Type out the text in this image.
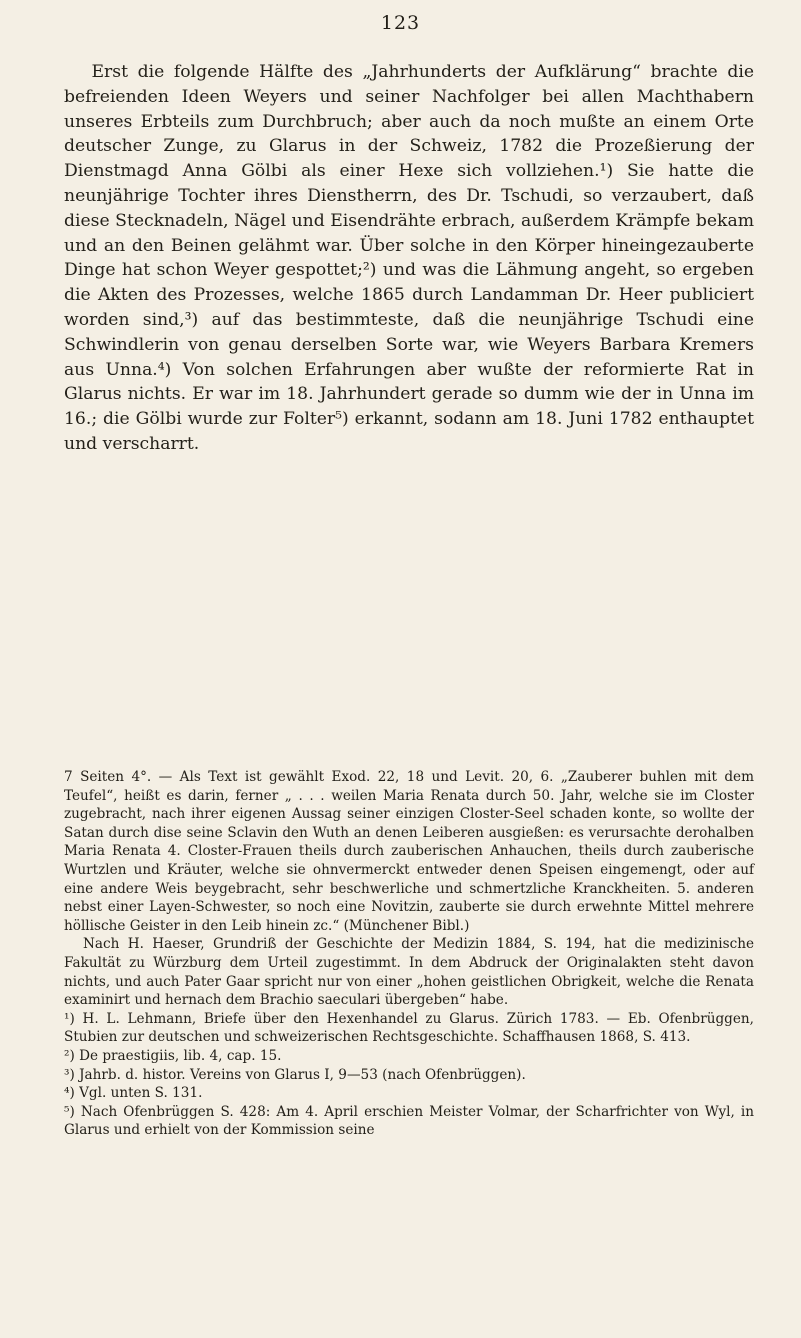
123

Erst die folgende Hälfte des „Jahrhunderts der Aufklärung“ brachte die befreienden Ideen Weyers und seiner Nachfolger bei allen Machthabern unseres Erbteils zum Durchbruch; aber auch da noch mußte an einem Orte deutscher Zunge, zu Glarus in der Schweiz, 1782 die Prozeßierung der Dienstmagd Anna Gölbi als einer Hexe sich vollziehen.¹) Sie hatte die neunjährige Tochter ihres Dienstherrn, des Dr. Tschudi, so verzaubert, daß diese Stecknadeln, Nägel und Eisendrähte erbrach, außerdem Krämpfe bekam und an den Beinen gelähmt war. Über solche in den Körper hineingezauberte Dinge hat schon Weyer gespottet;²) und was die Lähmung angeht, so ergeben die Akten des Prozesses, welche 1865 durch Landamman Dr. Heer publiciert worden sind,³) auf das bestimmteste, daß die neunjährige Tschudi eine Schwindlerin von genau derselben Sorte war, wie Weyers Barbara Kremers aus Unna.⁴) Von solchen Erfahrungen aber wußte der reformierte Rat in Glarus nichts. Er war im 18. Jahrhundert gerade so dumm wie der in Unna im 16.; die Gölbi wurde zur Folter⁵) erkannt, sodann am 18. Juni 1782 enthauptet und verscharrt.

7 Seiten 4°. — Als Text ist gewählt Exod. 22, 18 und Levit. 20, 6. „Zauberer buhlen mit dem Teufel“, heißt es darin, ferner „ . . . weilen Maria Renata durch 50. Jahr, welche sie im Closter zugebracht, nach ihrer eigenen Aussag seiner einzigen Closter-Seel schaden konte, so wollte der Satan durch dise seine Sclavin den Wuth an denen Leiberen ausgießen: es verursachte derohalben Maria Renata 4. Closter-Frauen theils durch zauberischen Anhauchen, theils durch zauberische Wurtzlen und Kräuter, welche sie ohnvermerckt entweder denen Speisen eingemengt, oder auf eine andere Weis beygebracht, sehr beschwerliche und schmertzliche Kranckheiten. 5. anderen nebst einer Layen-Schwester, so noch eine Novitzin, zauberte sie durch erwehnte Mittel mehrere höllische Geister in den Leib hinein zc.“ (Münchener Bibl.)

Nach H. Haeser, Grundriß der Geschichte der Medizin 1884, S. 194, hat die medizinische Fakultät zu Würzburg dem Urteil zugestimmt. In dem Abdruck der Originalakten steht davon nichts, und auch Pater Gaar spricht nur von einer „hohen geistlichen Obrigkeit, welche die Renata examinirt und hernach dem Brachio saeculari übergeben“ habe.

¹) H. L. Lehmann, Briefe über den Hexenhandel zu Glarus. Zürich 1783. — Eb. Ofenbrüggen, Stubien zur deutschen und schweizerischen Rechtsgeschichte. Schaffhausen 1868, S. 413.

²) De praestigiis, lib. 4, cap. 15.

³) Jahrb. d. histor. Vereins von Glarus I, 9—53 (nach Ofenbrüggen).

⁴) Vgl. unten S. 131.

⁵) Nach Ofenbrüggen S. 428: Am 4. April erschien Meister Volmar, der Scharfrichter von Wyl, in Glarus und erhielt von der Kommission seine
